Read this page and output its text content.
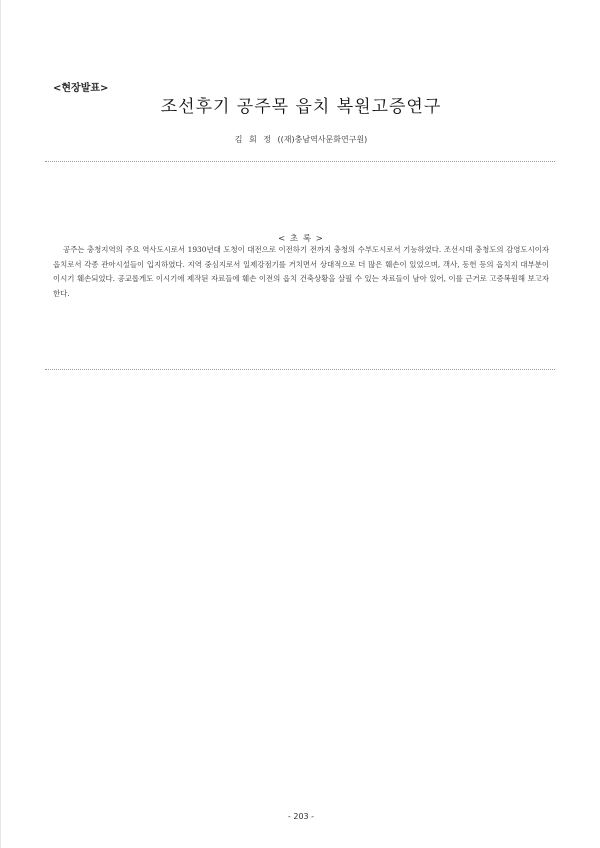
<현장발표>
조선후기 공주목 읍치 복원고증연구
김 회 정 ((재)충남역사문화연구원)
< 초 록 >

공주는 충청지역의 주요 역사도시로서 1930년대 도청이 대전으로 이전하기 전까지 충청의 수부도시로서 기능하였다. 조선시대 충청도의 감영도시이자 읍치로서 각종 관아시설들이 입지하였다. 지역 중심지로서 일제강점기를 거치면서 상대적으로 더 많은 훼손이 있었으며, 객사, 동헌 등의 읍치지 대부분이 이시기 훼손되었다. 공교롭게도 이시기에 제작된 자료들에 훼손 이전의 읍치 건축상황을 살필 수 있는 자료들이 남아 있어, 이를 근거로 고증복원해 보고자 한다.

- 203 -
